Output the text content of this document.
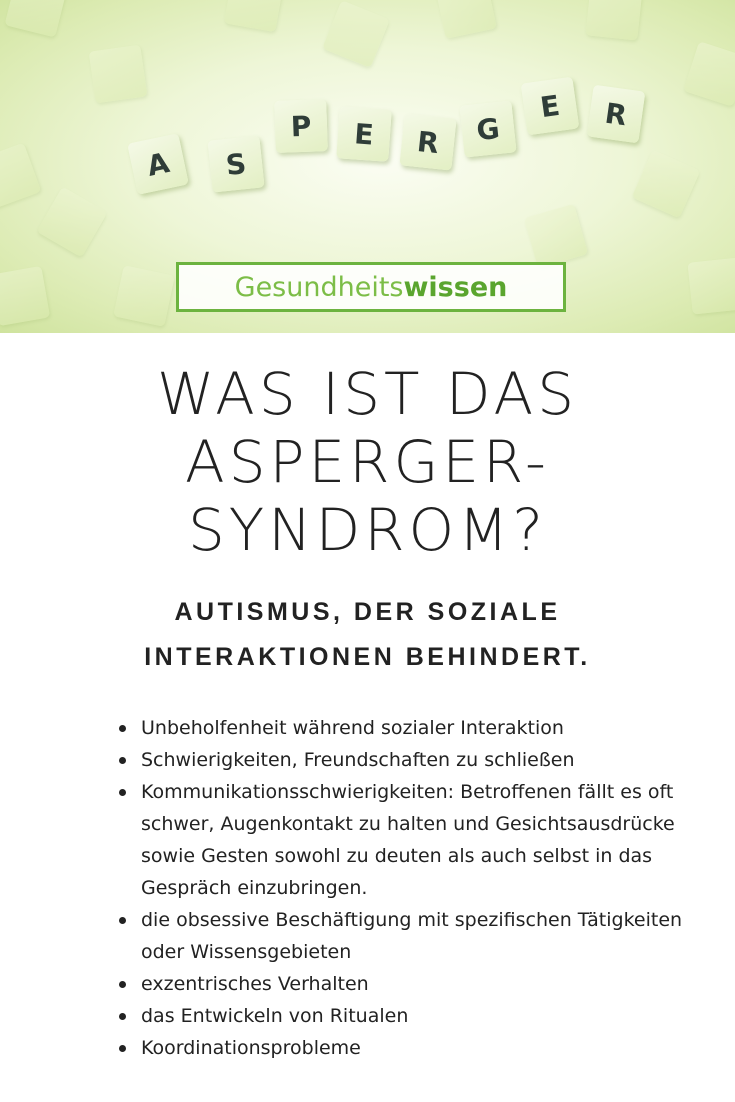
A	S
P	E	R	G
E	R
Gesundheits wissen
WAS IST DAS
ASPERGER-
SYNDROM?
AUTISMUS, DER SOZIALE
INTERAKTIONEN BEHINDERT.
Unbeholfenheit während sozialer Interaktion
Schwierigkeiten, Freundschaften zu schließen
Kommunikationsschwierigkeiten: Betroffenen fällt es oft schwer, Augenkontakt zu halten und Gesichtsausdrücke sowie Gesten sowohl zu deuten als auch selbst in das Gespräch einzubringen.
die obsessive Beschäftigung mit spezifischen Tätigkeiten oder Wissensgebieten
exzentrisches Verhalten
das Entwickeln von Ritualen
Koordinationsprobleme
